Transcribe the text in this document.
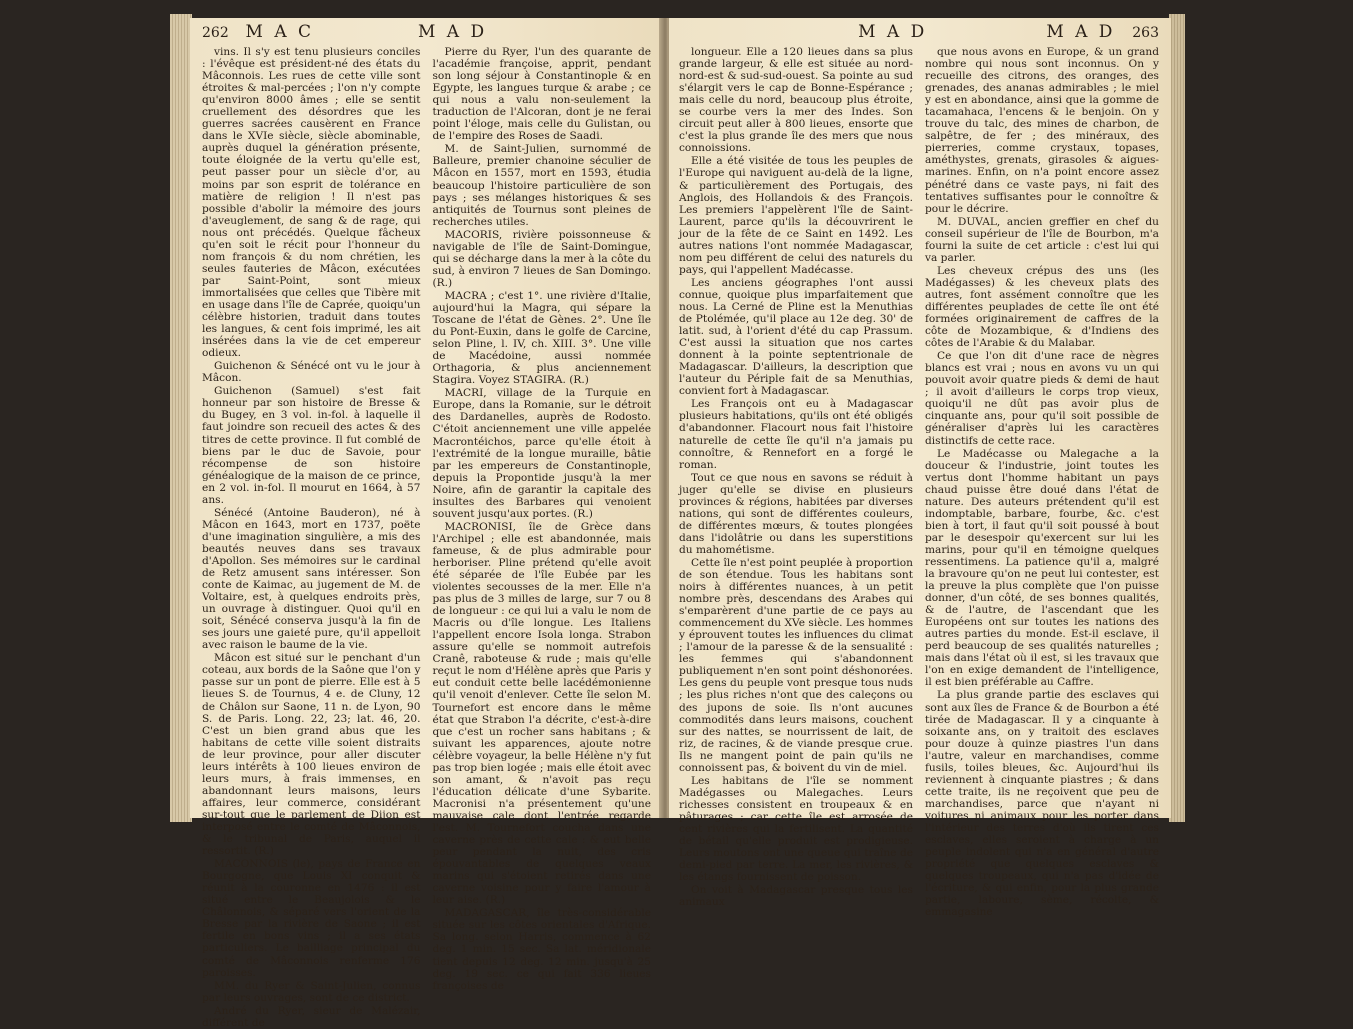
262 M A C	M A D

vins. Il s'y est tenu plusieurs conciles : l'évêque est président-né des états du Mâconnois. Les rues de cette ville sont étroites & mal-percées ; l'on n'y compte qu'environ 8000 âmes ; elle se sentit cruellement des désordres que les guerres sacrées causèrent en France dans le XVIe siècle, siècle abominable, auprès duquel la génération présente, toute éloignée de la vertu qu'elle est, peut passer pour un siècle d'or, au moins par son esprit de tolérance en matière de religion ! Il n'est pas possible d'abolir la mémoire des jours d'aveuglement, de sang & de rage, qui nous ont précédés. Quelque fâcheux qu'en soit le récit pour l'honneur du nom françois & du nom chrétien, les seules fauteries de Mâcon, exécutées par Saint-Point, sont mieux immortalisées que celles que Tibère mit en usage dans l'île de Caprée, quoiqu'un célèbre historien, traduit dans toutes les langues, & cent fois imprimé, les ait insérées dans la vie de cet empereur odieux.

Guichenon & Sénécé ont vu le jour à Mâcon.

Guichenon (Samuel) s'est fait honneur par son histoire de Bresse & du Bugey, en 3 vol. in-fol. à laquelle il faut joindre son recueil des actes & des titres de cette province. Il fut comblé de biens par le duc de Savoie, pour récompense de son histoire généalogique de la maison de ce prince, en 2 vol. in-fol. Il mourut en 1664, à 57 ans.

Sénécé (Antoine Bauderon), né à Mâcon en 1643, mort en 1737, poëte d'une imagination singulière, a mis des beautés neuves dans ses travaux d'Apollon. Ses mémoires sur le cardinal de Retz amusent sans intéresser. Son conte de Kaimac, au jugement de M. de Voltaire, est, à quelques endroits près, un ouvrage à distinguer. Quoi qu'il en soit, Sénécé conserva jusqu'à la fin de ses jours une gaieté pure, qu'il appelloit avec raison le baume de la vie.

Mâcon est situé sur le penchant d'un coteau, aux bords de la Saône que l'on y passe sur un pont de pierre. Elle est à 5 lieues S. de Tournus, 4 e. de Cluny, 12 de Châlon sur Saone, 11 n. de Lyon, 90 S. de Paris. Long. 22, 23; lat. 46, 20. C'est un bien grand abus que les habitans de cette ville soient distraits de leur province, pour aller discuter leurs intérêts à 100 lieues environ de leurs murs, à frais immenses, en abandonnant leurs maisons, leurs affaires, leur commerce, considérant sur-tout que le parlement de Dijon est interposé entre le comté de Mâconnois, & le tribunal de Paris, auquel il ressortit. (R.)

MACONNOIS (le), pays de France en Bourgogne, que Louis XI conquit & réunit à la couronne en 1476 : il est situé entre le Beaujolois & le Châlonnois, & séparé vers l'orient de la Bresse par la rivière de Saone ; il est fertile en bons vins ; il a ses états particuliers. Le bailliage principal du comté de Mâconnois renferme 176 paroisses.

MM. du Ryer & Saint-Julien, connus par leurs ouvrages, sont de ce district.

André du Ryer, sieur de Malézair, différent de

Pierre du Ryer, l'un des quarante de l'académie françoise, apprit, pendant son long séjour à Constantinople & en Egypte, les langues turque & arabe ; ce qui nous a valu non-seulement la traduction de l'Alcoran, dont je ne ferai point l'éloge, mais celle du Gulistan, ou de l'empire des Roses de Saadi.

M. de Saint-Julien, surnommé de Balleure, premier chanoine séculier de Mâcon en 1557, mort en 1593, étudia beaucoup l'histoire particulière de son pays ; ses mélanges historiques & ses antiquités de Tournus sont pleines de recherches utiles.

MACORIS, rivière poissonneuse & navigable de l'île de Saint-Domingue, qui se décharge dans la mer à la côte du sud, à environ 7 lieues de San Domingo. (R.)

MACRA ; c'est 1°. une rivière d'Italie, aujourd'hui la Magra, qui sépare la Toscane de l'état de Gènes. 2°. Une île du Pont-Euxin, dans le golfe de Carcine, selon Pline, l. IV, ch. XIII. 3°. Une ville de Macédoine, aussi nommée Orthagoria, & plus anciennement Stagira. Voyez STAGIRA. (R.)

MACRI, village de la Turquie en Europe, dans la Romanie, sur le détroit des Dardanelles, auprès de Rodosto. C'étoit anciennement une ville appelée Macrontéichos, parce qu'elle étoit à l'extrémité de la longue muraille, bâtie par les empereurs de Constantinople, depuis la Propontide jusqu'à la mer Noire, afin de garantir la capitale des insultes des Barbares qui venoient souvent jusqu'aux portes. (R.)

MACRONISI, île de Grèce dans l'Archipel ; elle est abandonnée, mais fameuse, & de plus admirable pour herboriser. Pline prétend qu'elle avoit été séparée de l'île Eubée par les violentes secousses de la mer. Elle n'a pas plus de 3 milles de large, sur 7 ou 8 de longueur : ce qui lui a valu le nom de Macris ou d'île longue. Les Italiens l'appellent encore Isola longa. Strabon assure qu'elle se nommoit autrefois Cranê, raboteuse & rude ; mais qu'elle reçut le nom d'Hélène après que Paris y eut conduit cette belle lacédémonienne qu'il venoit d'enlever. Cette île selon M. Tournefort est encore dans le même état que Strabon l'a décrite, c'est-à-dire que c'est un rocher sans habitans ; & suivant les apparences, ajoute notre célèbre voyageur, la belle Hélène n'y fut pas trop bien logée ; mais elle étoit avec son amant, & n'avoit pas reçu l'éducation délicate d'une Sybarite. Macronisi n'a présentement qu'une mauvaise cale dont l'entrée regarde l'est. M. Tournefort coucha dans une caverne près de cette cale : & eut belle peur pendant la nuit, des cris épouvantables de quelques veaux marins qui s'étoient retirés dans une caverne voisine pour y faire l'amour à leur aise. (R.)

MADAGASCAR, île très-considérable située sur les côtes orientales d'Afrique. Sa long. selon Harris, commence à 62 deg. 1 min. 15 sec. Sa lat. méridionale tient depuis 12 deg. 12 min. jusqu'à 25 deg. 19 sec. ce qui fait 336 lieues françoises de

M A D	M A D 263

longueur. Elle a 120 lieues dans sa plus grande largeur, & elle est située au nord-nord-est & sud-sud-ouest. Sa pointe au sud s'élargit vers le cap de Bonne-Espérance ; mais celle du nord, beaucoup plus étroite, se courbe vers la mer des Indes. Son circuit peut aller à 800 lieues, ensorte que c'est la plus grande île des mers que nous connoissions.

Elle a été visitée de tous les peuples de l'Europe qui naviguent au-delà de la ligne, & particulièrement des Portugais, des Anglois, des Hollandois & des François. Les premiers l'appelèrent l'île de Saint-Laurent, parce qu'ils la découvrirent le jour de la fête de ce Saint en 1492. Les autres nations l'ont nommée Madagascar, nom peu différent de celui des naturels du pays, qui l'appellent Madécasse.

Les anciens géographes l'ont aussi connue, quoique plus imparfaitement que nous. La Cerné de Pline est la Menuthias de Ptolémée, qu'il place au 12e deg. 30' de latit. sud, à l'orient d'été du cap Prassum. C'est aussi la situation que nos cartes donnent à la pointe septentrionale de Madagascar. D'ailleurs, la description que l'auteur du Périple fait de sa Menuthias, convient fort à Madagascar.

Les François ont eu à Madagascar plusieurs habitations, qu'ils ont été obligés d'abandonner. Flacourt nous fait l'histoire naturelle de cette île qu'il n'a jamais pu connoître, & Rennefort en a forgé le roman.

Tout ce que nous en savons se réduit à juger qu'elle se divise en plusieurs provinces & régions, habitées par diverses nations, qui sont de différentes couleurs, de différentes mœurs, & toutes plongées dans l'idolâtrie ou dans les superstitions du mahométisme.

Cette île n'est point peuplée à proportion de son étendue. Tous les habitans sont noirs à différentes nuances, à un petit nombre près, descendans des Arabes qui s'emparèrent d'une partie de ce pays au commencement du XVe siècle. Les hommes y éprouvent toutes les influences du climat ; l'amour de la paresse & de la sensualité : les femmes qui s'abandonnent publiquement n'en sont point déshonorées. Les gens du peuple vont presque tous nuds ; les plus riches n'ont que des caleçons ou des jupons de soie. Ils n'ont aucunes commodités dans leurs maisons, couchent sur des nattes, se nourrissent de lait, de riz, de racines, & de viande presque crue. Ils ne mangent point de pain qu'ils ne connoissent pas, & boivent du vin de miel.

Les habitans de l'île se nomment Madégasses ou Malegaches. Leurs richesses consistent en troupeaux & en pâturages ; car cette île est arrosée de cent rivières qui la fertilisent. La quantité de bétail qu'elle produit est prodigieuse. Leurs moutons ont une queue qui traîne de demi-pied par terre. La mer, les rivières, & les étangs fournissent de poisson.

On voit à Madagascar presque tous les animaux

que nous avons en Europe, & un grand nombre qui nous sont inconnus. On y recueille des citrons, des oranges, des grenades, des ananas admirables ; le miel y est en abondance, ainsi que la gomme de tacamahaca, l'encens & le benjoin. On y trouve du talc, des mines de charbon, de salpêtre, de fer ; des minéraux, des pierreries, comme crystaux, topases, améthystes, grenats, girasoles & aigues-marines. Enfin, on n'a point encore assez pénétré dans ce vaste pays, ni fait des tentatives suffisantes pour le connoître & pour le décrire.

M. DUVAL, ancien greffier en chef du conseil supérieur de l'île de Bourbon, m'a fourni la suite de cet article : c'est lui qui va parler.

Les cheveux crépus des uns (les Madégasses) & les cheveux plats des autres, font assément connoître que les différentes peuplades de cette île ont été formées originairement de caffres de la côte de Mozambique, & d'Indiens des côtes de l'Arabie & du Malabar.

Ce que l'on dit d'une race de nègres blancs est vrai ; nous en avons vu un qui pouvoit avoir quatre pieds & demi de haut ; il avoit d'ailleurs le corps trop vieux, quoiqu'il ne dût pas avoir plus de cinquante ans, pour qu'il soit possible de généraliser d'après lui les caractères distinctifs de cette race.

Le Madécasse ou Malegache a la douceur & l'industrie, joint toutes les vertus dont l'homme habitant un pays chaud puisse être doué dans l'état de nature. Des auteurs prétendent qu'il est indomptable, barbare, fourbe, &c. c'est bien à tort, il faut qu'il soit poussé à bout par le desespoir qu'exercent sur lui les marins, pour qu'il en témoigne quelques ressentimens. La patience qu'il a, malgré la bravoure qu'on ne peut lui contester, est la preuve la plus complète que l'on puisse donner, d'un côté, de ses bonnes qualités, & de l'autre, de l'ascendant que les Européens ont sur toutes les nations des autres parties du monde. Est-il esclave, il perd beaucoup de ses qualités naturelles ; mais dans l'état où il est, si les travaux que l'on en exige demandent de l'intelligence, il est bien préférable au Caffre.

La plus grande partie des esclaves qui sont aux îles de France & de Bourbon a été tirée de Madagascar. Il y a cinquante à soixante ans, on y traitoit des esclaves pour douze à quinze piastres l'un dans l'autre, valeur en marchandises, comme fusils, toiles bleues, &c. Aujourd'hui ils reviennent à cinquante piastres ; & dans cette traite, ils ne reçoivent que peu de marchandises, parce que n'ayant ni voitures ni animaux pour les porter dans l'intérieur des terres d'où ils tirent ces esclaves, elles seroient à charge à un peuple indolent qui n'a en général d'autre propriété que quelques esclaves & quelques troupeaux, qui n'a pas d'idée de l'écriture, & qui enfin, pour la plus grande partie, laboure, sème, récolte, & emmagasine
